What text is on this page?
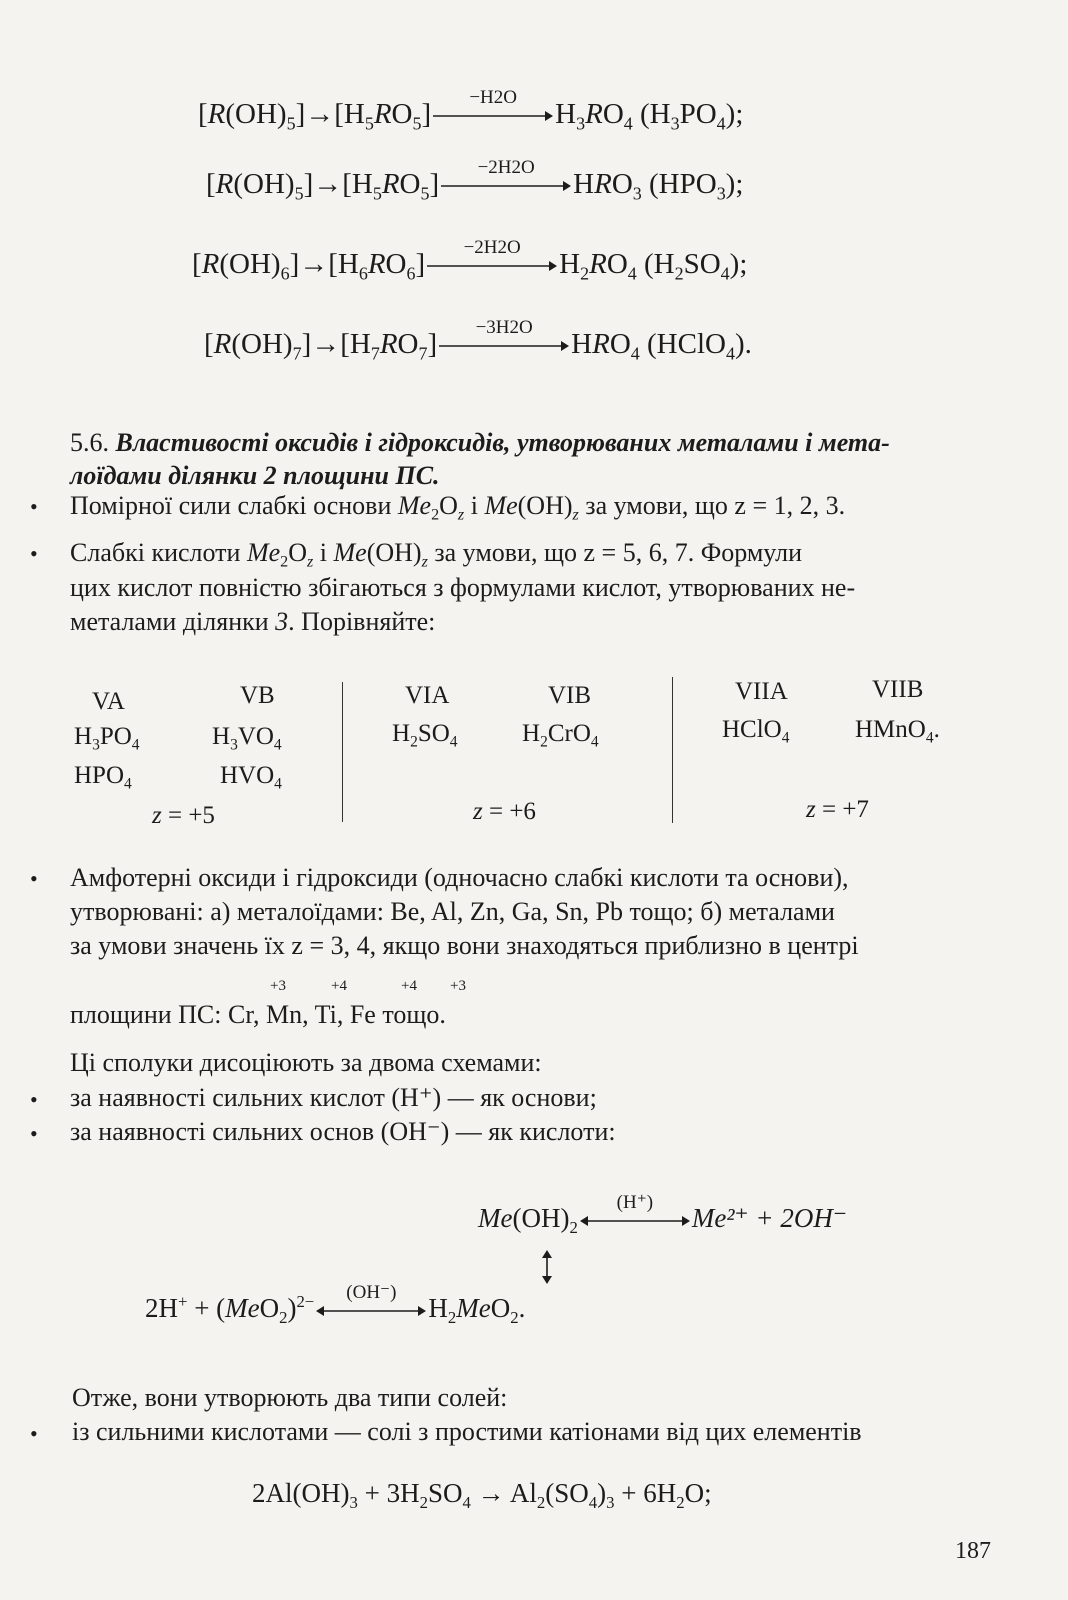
$[R(OH)_5]\to[H_5RO_5]$
−H2O
$H_3RO_4$ $(H_3PO_4)$;
$[R(OH)_5]\to[H_5RO_5]$
−2H2O
$HRO_3$ $(HPO_3)$;
$[R(OH)_6]\to[H_6RO_6]$
−2H2O
$H_2RO_4$ $(H_2SO_4)$;
$[R(OH)_7]\to[H_7RO_7]$
−3H2O
$HRO_4$ (HClO$_4$).
5.6. Властивості оксидів і гідроксидів, утворюваних металами і мета-
лоїдами ділянки 2 площини ПС.
• Помірної сили слабкі основи $Me_2O_z$ і $Me(OH)_z$ за умови, що z = 1, 2, 3.
• Слабкі кислоти $Me_2O_z$ і $Me(OH)_z$ за умови, що z = 5, 6, 7. Формули
цих кислот повністю збігаються з формулами кислот, утворюваних не-
металами ділянки 3. Порівняйте:
VA	VB
$H_3PO_4$	$H_3VO_4$
$HPO_4$	$HVO_4$
z = +5
VIA	VIB
$H_2SO_4$	$H_2CrO_4$
z = +6
VIIA	VIIB
HClO$_4$	HMnO$_4$.
z = +7
• Амфотерні оксиди і гідроксиди (одночасно слабкі кислоти та основи),
утворювані: а) металоїдами: Be, Al, Zn, Ga, Sn, Pb тощо; б) металами
за умови значень їх z = 3, 4, якщо вони знаходяться приблизно в центрі
+3	+4	+4 +3
площини ПС: Cr, Mn, Ti, Fe тощо.
Ці сполуки дисоціюють за двома схемами:
• за наявності сильних кислот (H⁺) — як основи;
• за наявності сильних основ (OH⁻) — як кислоти:
$Me(OH)_2$
(H⁺)
Me²⁺ + 2OH⁻
$2H^+ + (MeO_2)^{2-}$	(OH⁻)
$H_2MeO_2$.
Отже, вони утворюють два типи солей:
• із сильними кислотами — солі з простими катіонами від цих елементів
$2Al(OH)_3 + 3H_2SO_4 \to Al_2(SO_4)_3 + 6H_2O$;
187
